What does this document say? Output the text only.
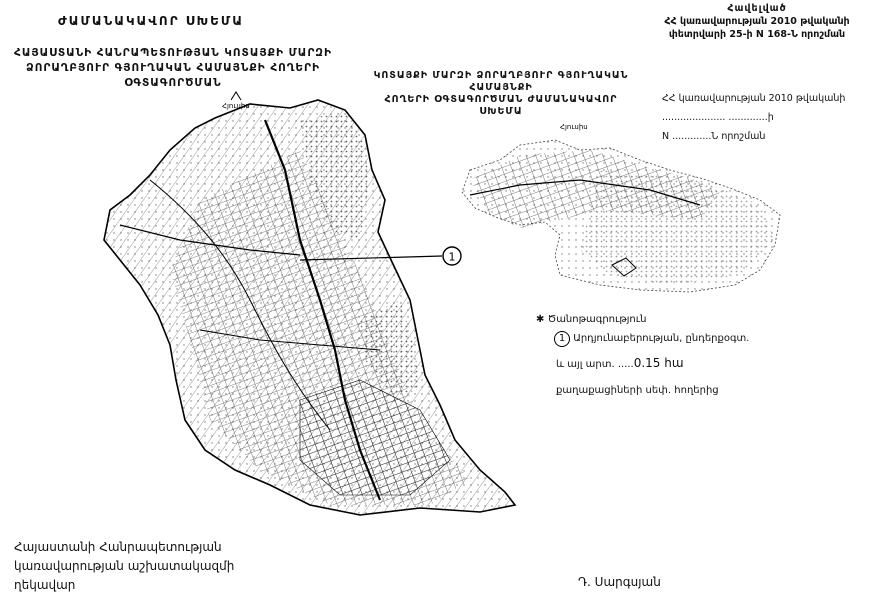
ԺԱՄԱՆԱԿԱՎՈՐ ՍԽԵՄԱ
ՀԱՅԱՍՏԱՆԻ ՀԱՆՐԱՊԵՏՈՒԹՅԱՆ ԿՈՏԱՅՔԻ ՄԱՐԶԻ
ՁՈՐԱՂԲՅՈՒՐ ԳՅՈՒՂԱԿԱՆ ՀԱՄԱՅՆՔԻ ՀՈՂԵՐԻ
ՕԳՏԱԳՈՐԾՄԱՆ
Հավելված
ՀՀ կառավարության 2010 թվականի
փետրվարի 25-ի N 168-Ն որոշման
ԿՈՏԱՅՔԻ ՄԱՐԶԻ ՁՈՐԱՂԲՅՈՒՐ ԳՅՈՒՂԱԿԱՆ ՀԱՄԱՅՆՔԻ
ՀՈՂԵՐԻ ՕԳՏԱԳՈՐԾՄԱՆ ԺԱՄԱՆԱԿԱՎՈՐ
ՍԽԵՄԱ
ՀՀ կառավարության 2010 թվականի
..................... .............ի
N .............Ն որոշման
1
Հյուսիս
Հյուսիս
✱ Ծանոթագրություն
1 Արդյունաբերության, ընդերքօգտ.
և այլ արտ. .....0.15 հա
քաղաքացիների սեփ. հողերից
Հայաստանի Հանրապետության
կառավարության աշխատակազմի
ղեկավար	Դ. Սարգսյան
